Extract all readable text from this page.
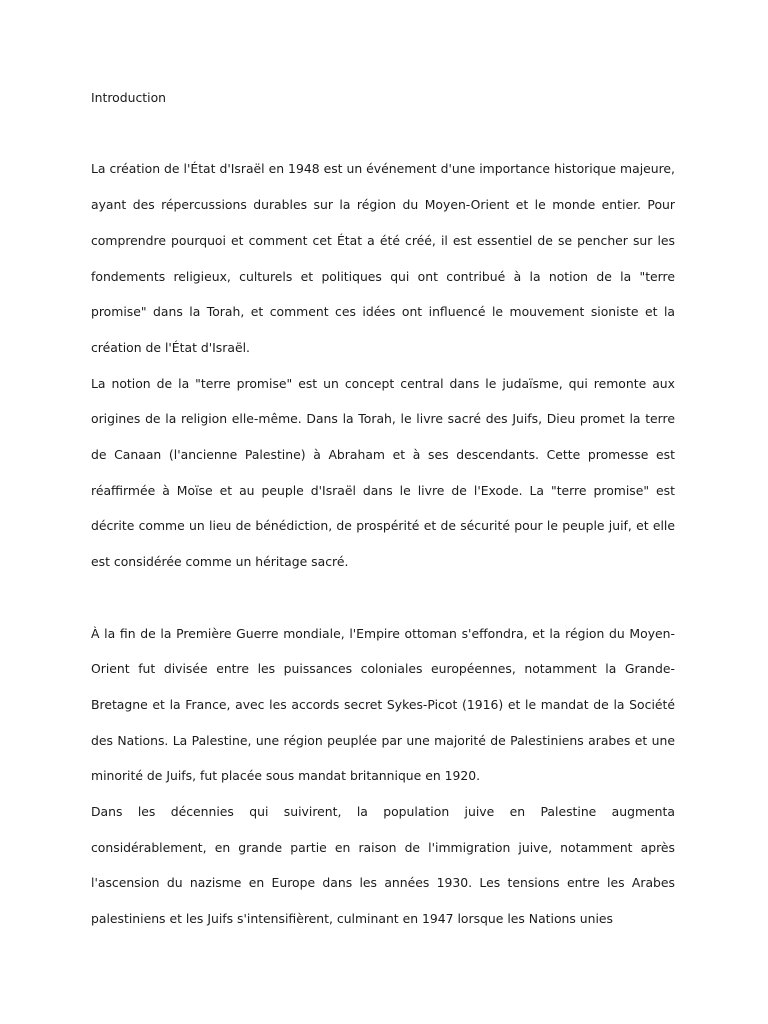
Introduction

La création de l'État d'Israël en 1948 est un événement d'une importance historique majeure, ayant des répercussions durables sur la région du Moyen-Orient et le monde entier. Pour comprendre pourquoi et comment cet État a été créé, il est essentiel de se pencher sur les fondements religieux, culturels et politiques qui ont contribué à la notion de la "terre promise" dans la Torah, et comment ces idées ont influencé le mouvement sioniste et la création de l'État d'Israël.

La notion de la "terre promise" est un concept central dans le judaïsme, qui remonte aux origines de la religion elle-même. Dans la Torah, le livre sacré des Juifs, Dieu promet la terre de Canaan (l'ancienne Palestine) à Abraham et à ses descendants. Cette promesse est réaffirmée à Moïse et au peuple d'Israël dans le livre de l'Exode. La "terre promise" est décrite comme un lieu de bénédiction, de prospérité et de sécurité pour le peuple juif, et elle est considérée comme un héritage sacré.

À la fin de la Première Guerre mondiale, l'Empire ottoman s'effondra, et la région du Moyen-Orient fut divisée entre les puissances coloniales européennes, notamment la Grande-Bretagne et la France, avec les accords secret Sykes-Picot (1916) et le mandat de la Société des Nations. La Palestine, une région peuplée par une majorité de Palestiniens arabes et une minorité de Juifs, fut placée sous mandat britannique en 1920.

Dans les décennies qui suivirent, la population juive en Palestine augmenta considérablement, en grande partie en raison de l'immigration juive, notamment après l'ascension du nazisme en Europe dans les années 1930. Les tensions entre les Arabes palestiniens et les Juifs s'intensifièrent, culminant en 1947 lorsque les Nations unies
